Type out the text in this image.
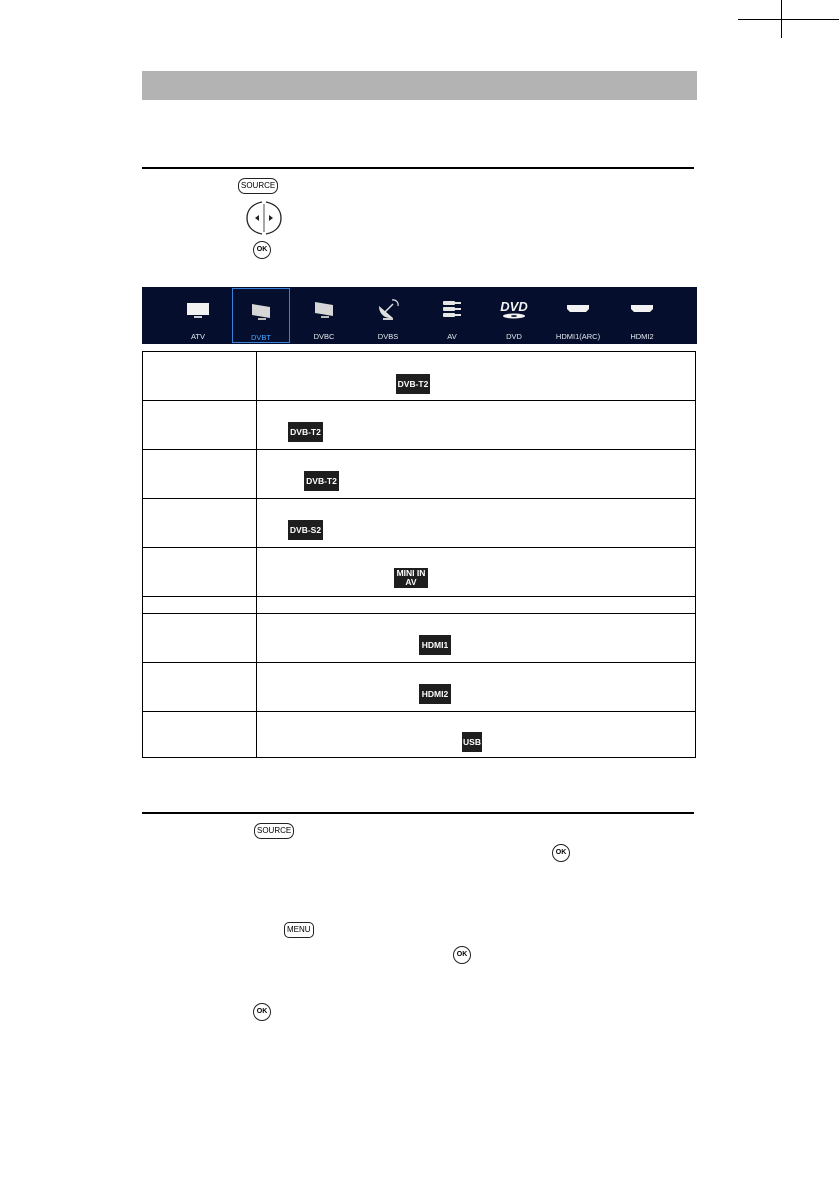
SOURCE
OK
ATV	DVBT	DVBC	DVBS	AV
DVD
DVD	HDMI1(ARC)	HDMI2
DVB-T2
DVB-T2
DVB-T2
DVB-S2
MINI IN
AV
HDMI1
HDMI2
USB
SOURCE
OK
MENU
OK
OK
